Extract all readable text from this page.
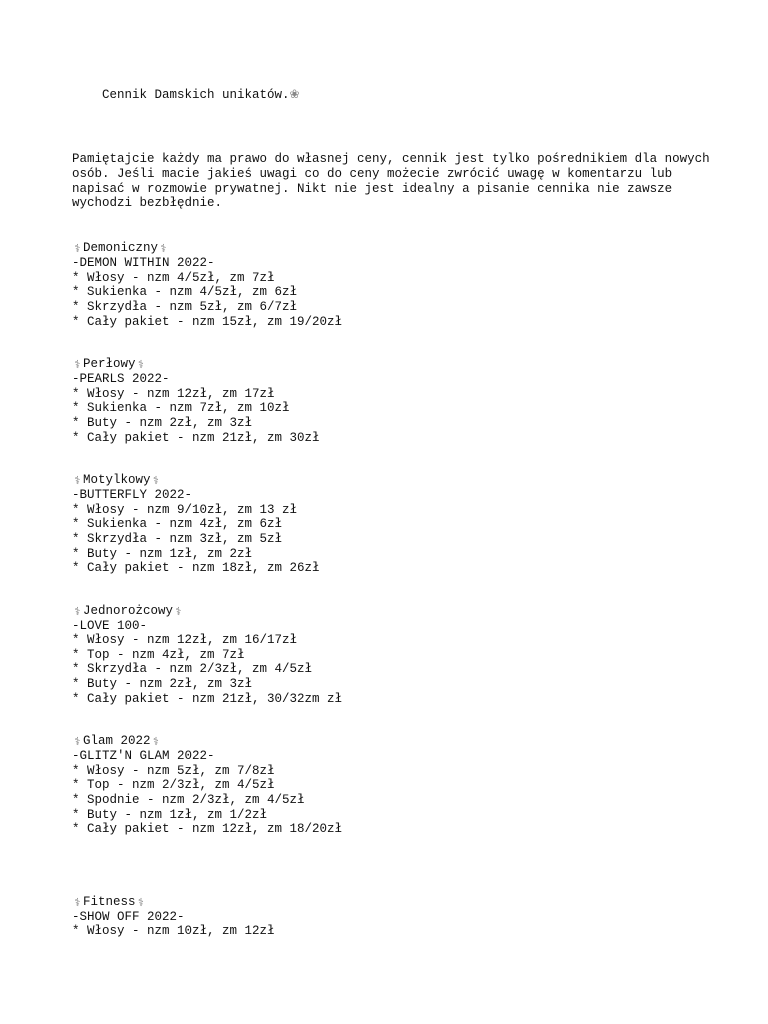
Cennik Damskich unikatów.❀

Pamiętajcie każdy ma prawo do własnej ceny, cennik jest tylko pośrednikiem dla nowych osób. Jeśli macie jakieś uwagi co do ceny możecie zwrócić uwagę w komentarzu lub napisać w rozmowie prywatnej. Nikt nie jest idealny a pisanie cennika nie zawsze wychodzi bezbłędnie.
⚕ Demoniczny ⚕
-DEMON WITHIN 2022-
* Włosy - nzm 4/5zł, zm 7zł
* Sukienka - nzm 4/5zł, zm 6zł
* Skrzydła - nzm 5zł, zm 6/7zł
* Cały pakiet - nzm 15zł, zm 19/20zł
⚕ Perłowy ⚕
-PEARLS 2022-
* Włosy - nzm 12zł, zm 17zł
* Sukienka - nzm 7zł, zm 10zł
* Buty - nzm 2zł, zm 3zł
* Cały pakiet - nzm 21zł, zm 30zł
⚕ Motylkowy ⚕
-BUTTERFLY 2022-
* Włosy - nzm 9/10zł, zm 13 zł
* Sukienka - nzm 4zł, zm 6zł
* Skrzydła - nzm 3zł, zm 5zł
* Buty - nzm 1zł, zm 2zł
* Cały pakiet - nzm 18zł, zm 26zł
⚕ Jednorożcowy ⚕
-LOVE 100-
* Włosy - nzm 12zł, zm 16/17zł
* Top - nzm 4zł, zm 7zł
* Skrzydła - nzm 2/3zł, zm 4/5zł
* Buty - nzm 2zł, zm 3zł
* Cały pakiet - nzm 21zł, 30/32zm zł
⚕ Glam 2022 ⚕
-GLITZ'N GLAM 2022-
* Włosy - nzm 5zł, zm 7/8zł
* Top - nzm 2/3zł, zm 4/5zł
* Spodnie - nzm 2/3zł, zm 4/5zł
* Buty - nzm 1zł, zm 1/2zł
* Cały pakiet - nzm 12zł, zm 18/20zł
⚕ Fitness ⚕
-SHOW OFF 2022-
* Włosy - nzm 10zł, zm 12zł
